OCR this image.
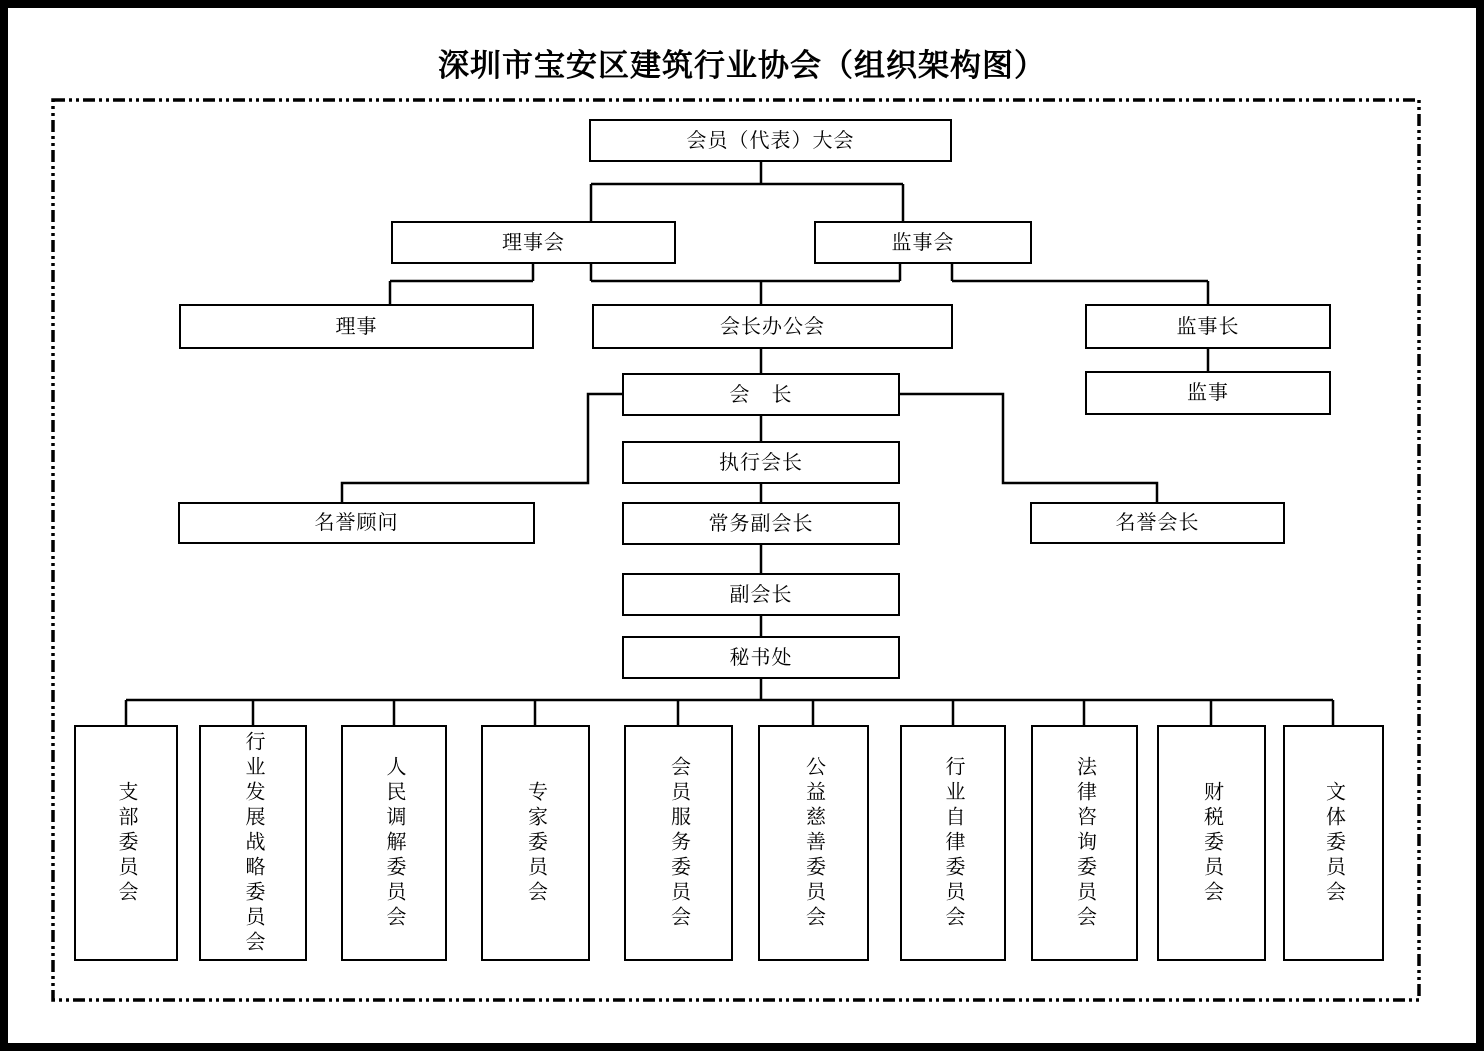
深圳市宝安区建筑行业协会（组织架构图）
会员（代表）大会
理事会	监事会
理事	会长办公会	监事长
监事
会　长
执行会长
名誉顾问	常务副会长	名誉会长
副会长
秘书处
支部委员会	行业发展战略委员会	人民调解委员会	专家委员会	会员服务委员会	公益慈善委员会	行业自律委员会	法律咨询委员会	财税委员会	文体委员会
